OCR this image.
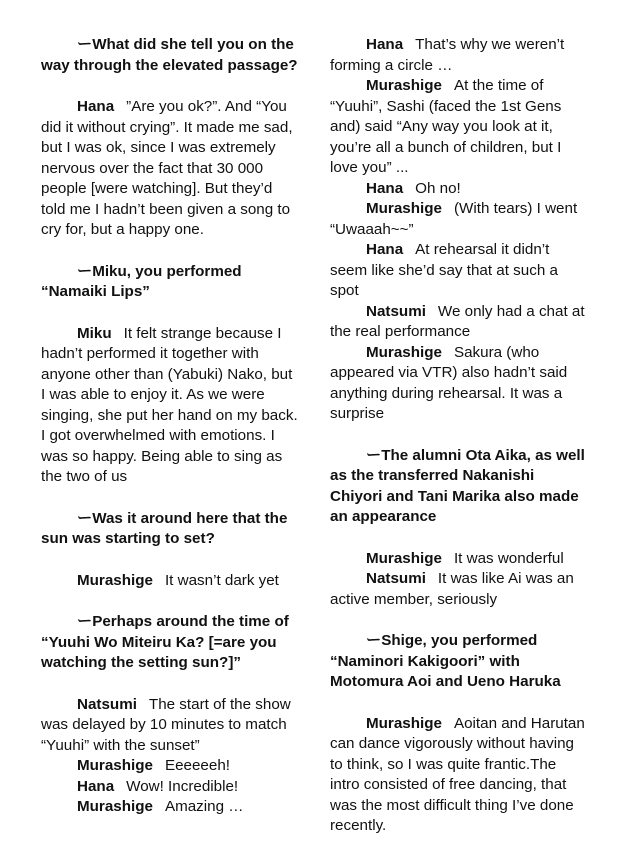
ーWhat did she tell you on the way through the elevated passage?

Hana ”Are you ok?”. And “You did it without crying”. It made me sad, but I was ok, since I was extremely nervous over the fact that 30 000 people [were watching]. But they’d told me I hadn’t been given a song to cry for, but a happy one.

ーMiku, you performed “Namaiki Lips”

Miku It felt strange because I hadn’t performed it together with anyone other than (Yabuki) Nako, but I was able to enjoy it. As we were singing, she put her hand on my back. I got overwhelmed with emotions. I was so happy. Being able to sing as the two of us

ーWas it around here that the sun was starting to set?

Murashige It wasn’t dark yet

ーPerhaps around the time of “Yuuhi Wo Miteiru Ka? [=are you watching the setting sun?]”

Natsumi The start of the show was delayed by 10 minutes to match “Yuuhi” with the sunset”

Murashige Eeeeeeh!

Hana Wow! Incredible!

Murashige Amazing …

Hana That’s why we weren’t forming a circle …

Murashige At the time of “Yuuhi”, Sashi (faced the 1st Gens and) said “Any way you look at it, you’re all a bunch of children, but I love you” ...

Hana Oh no!

Murashige (With tears) I went “Uwaaah~~”

Hana At rehearsal it didn’t seem like she’d say that at such a spot

Natsumi We only had a chat at the real performance

Murashige Sakura (who appeared via VTR) also hadn’t said anything during rehearsal. It was a surprise

ーThe alumni Ota Aika, as well as the transferred Nakanishi Chiyori and Tani Marika also made an appearance

Murashige It was wonderful

Natsumi It was like Ai was an active member, seriously

ーShige, you performed “Naminori Kakigoori” with Motomura Aoi and Ueno Haruka

Murashige Aoitan and Harutan can dance vigorously without having to think, so I was quite frantic.The intro consisted of free dancing, that was the most difficult thing I’ve done recently.
